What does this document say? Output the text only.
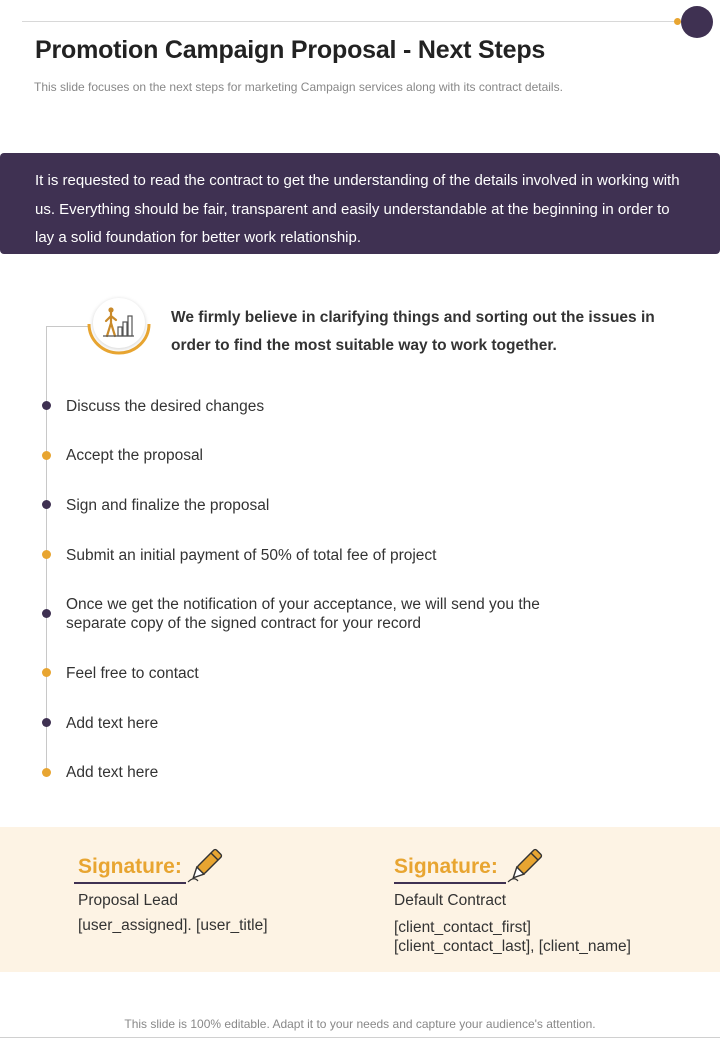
Promotion Campaign Proposal - Next Steps
This slide focuses on the next steps for marketing Campaign services along with its contract details.

It is requested to read the contract to get the understanding of the details involved in working with us. Everything should be fair, transparent and easily understandable at the beginning in order to lay a solid foundation for better work relationship.

We firmly believe in clarifying things and sorting out the issues in order to find the most suitable way to work together.
Discuss the desired changes
Accept the proposal
Sign and finalize the proposal
Submit an initial payment of 50% of total fee of project
Once we get the notification of your acceptance, we will send you the
separate copy of the signed contract for your record
Feel free to contact
Add text here
Add text here
Signature:
Proposal Lead
[user_assigned]. [user_title]
Signature:
Default Contract
[client_contact_first]
[client_contact_last], [client_name]
This slide is 100% editable. Adapt it to your needs and capture your audience's attention.
